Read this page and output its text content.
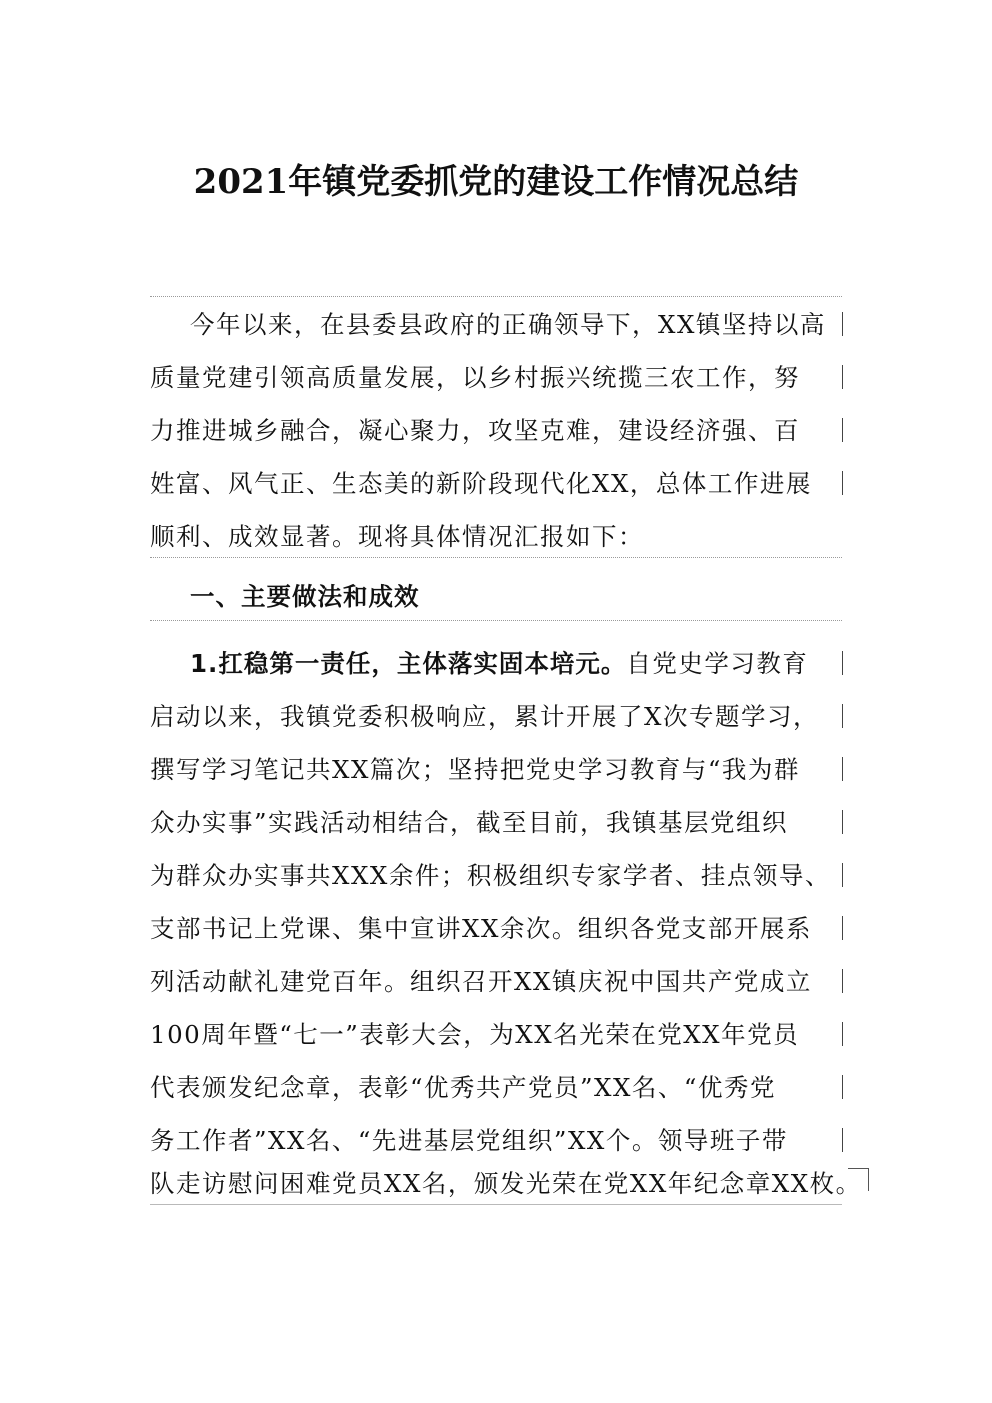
2021年镇党委抓党的建设工作情况总结
今年以来，在县委县政府的正确领导下，XX镇坚持以高
质量党建引领高质量发展，以乡村振兴统揽三农工作，努
力推进城乡融合，凝心聚力，攻坚克难，建设经济强、百
姓富、风气正、生态美的新阶段现代化XX，总体工作进展
顺利、成效显著。现将具体情况汇报如下：
一、主要做法和成效
1.扛稳第一责任，主体落实固本培元。自党史学习教育
启动以来，我镇党委积极响应，累计开展了X次专题学习，
撰写学习笔记共XX篇次；坚持把党史学习教育与“我为群
众办实事”实践活动相结合，截至目前，我镇基层党组织
为群众办实事共XXX余件；积极组织专家学者、挂点领导、
支部书记上党课、集中宣讲XX余次。组织各党支部开展系
列活动献礼建党百年。组织召开XX镇庆祝中国共产党成立
100周年暨“七一”表彰大会，为XX名光荣在党XX年党员
代表颁发纪念章，表彰“优秀共产党员”XX名、“优秀党
务工作者”XX名、“先进基层党组织”XX个。领导班子带
队走访慰问困难党员XX名，颁发光荣在党XX年纪念章XX枚。
